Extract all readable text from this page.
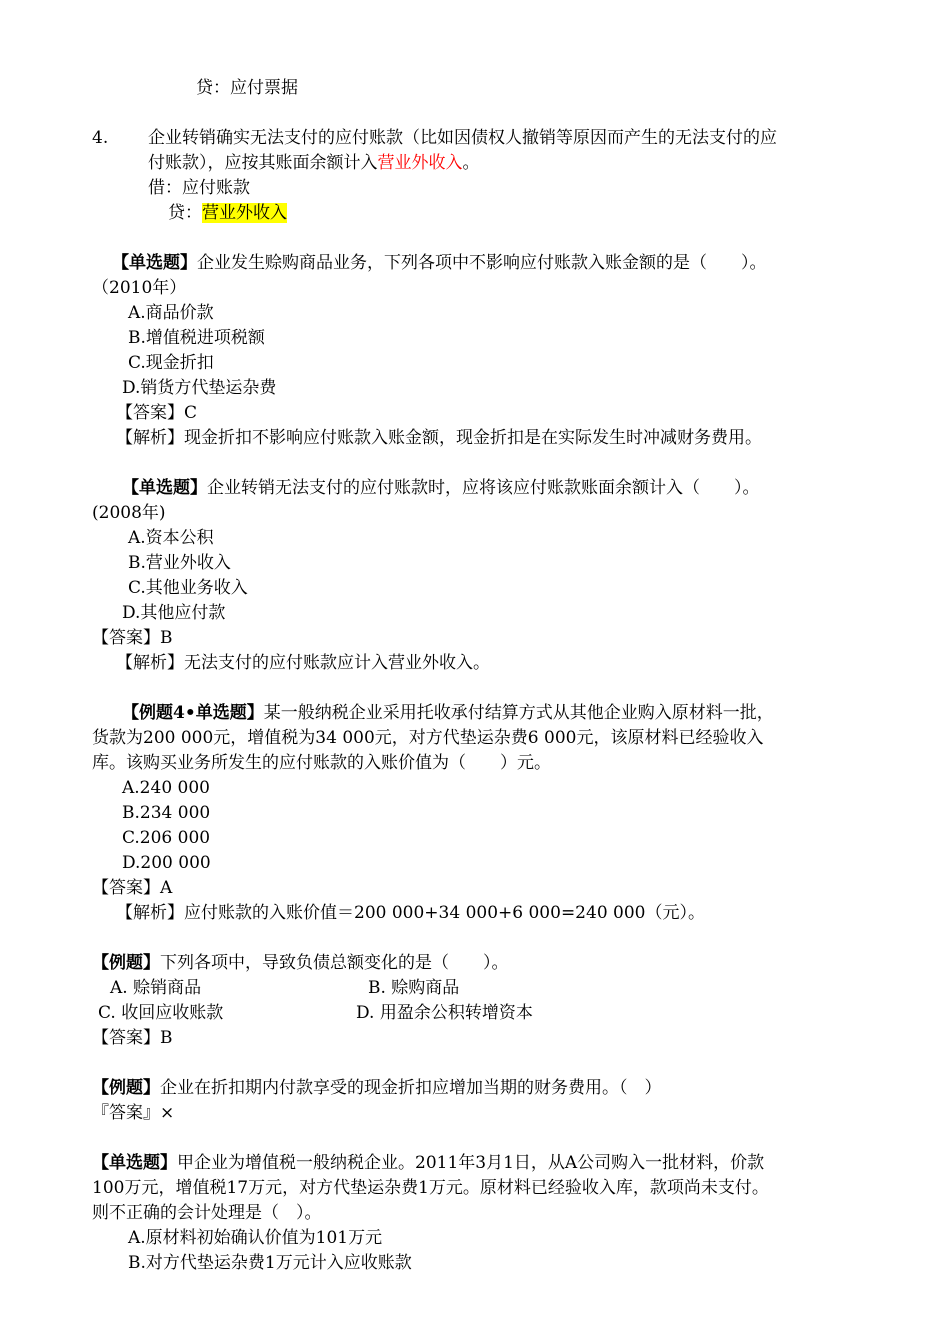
贷：应付票据
4. 企业转销确实无法支付的应付账款（比如因债权人撤销等原因而产生的无法支付的应
付账款），应按其账面余额计入营业外收入。
借：应付账款
贷：营业外收入
【单选题】企业发生赊购商品业务，下列各项中不影响应付账款入账金额的是（　　）。
（2010年）
A.商品价款
B.增值税进项税额
C.现金折扣
D.销货方代垫运杂费
【答案】C
【解析】现金折扣不影响应付账款入账金额，现金折扣是在实际发生时冲减财务费用。
【单选题】企业转销无法支付的应付账款时，应将该应付账款账面余额计入（　　）。
(2008年)
A.资本公积
B.营业外收入
C.其他业务收入
D.其他应付款
【答案】B
【解析】无法支付的应付账款应计入营业外收入。
【例题4•单选题】某一般纳税企业采用托收承付结算方式从其他企业购入原材料一批，
货款为200 000元，增值税为34 000元，对方代垫运杂费6 000元，该原材料已经验收入
库。该购买业务所发生的应付账款的入账价值为（　　）元。
A.240 000
B.234 000
C.206 000
D.200 000
【答案】A
【解析】应付账款的入账价值＝200 000+34 000+6 000=240 000（元）。
【例题】下列各项中，导致负债总额变化的是（　　）。
A. 赊销商品	B. 赊购商品
C. 收回应收账款	D. 用盈余公积转增资本
【答案】B
【例题】企业在折扣期内付款享受的现金折扣应增加当期的财务费用。（　）
『答案』×
【单选题】甲企业为增值税一般纳税企业。2011年3月1日，从A公司购入一批材料，价款
100万元，增值税17万元，对方代垫运杂费1万元。原材料已经验收入库，款项尚未支付。
则不正确的会计处理是（　）。
A.原材料初始确认价值为101万元
B.对方代垫运杂费1万元计入应收账款
